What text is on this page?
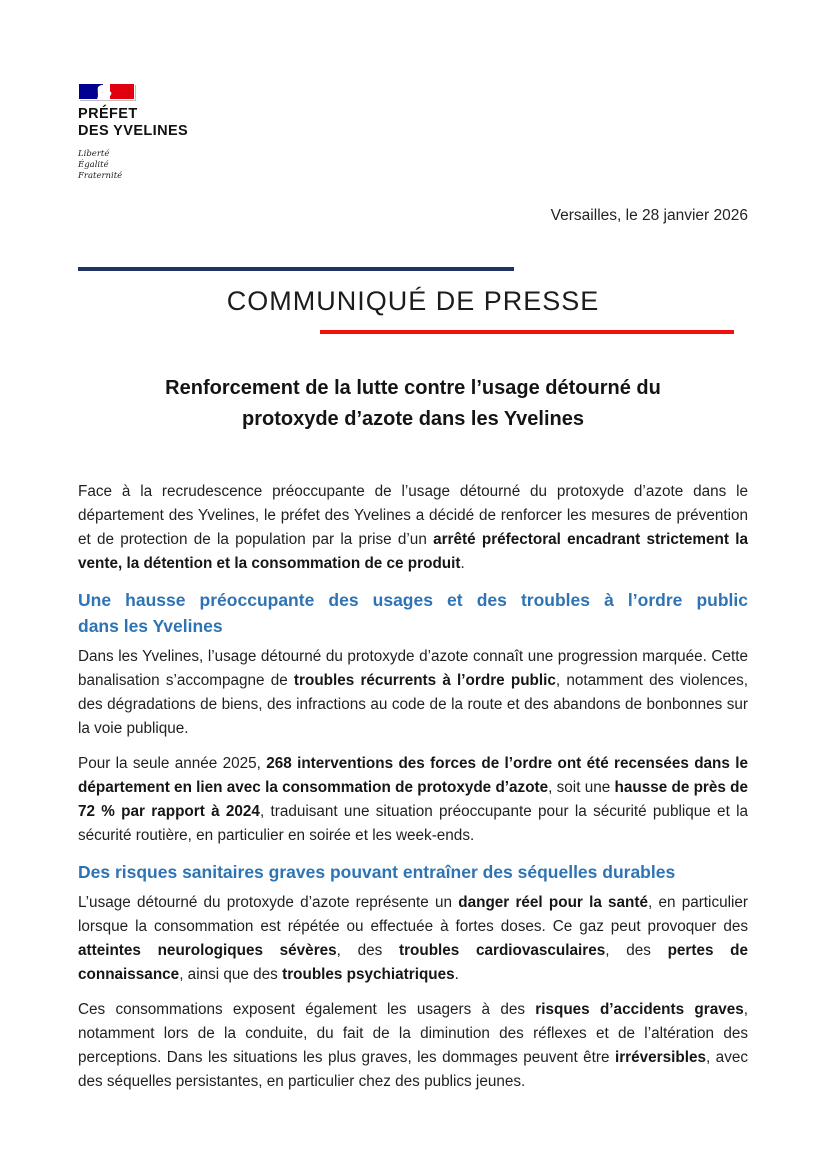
PRÉFET
DES YVELINES
Liberté
Égalité
Fraternité
Versailles, le 28 janvier 2026
COMMUNIQUÉ DE PRESSE
Renforcement de la lutte contre l’usage détourné du
protoxyde d’azote dans les Yvelines

Face à la recrudescence préoccupante de l’usage détourné du protoxyde d’azote dans le département des Yvelines, le préfet des Yvelines a décidé de renforcer les mesures de prévention et de protection de la population par la prise d’un arrêté préfectoral encadrant strictement la vente, la détention et la consommation de ce produit.

Une hausse préoccupante des usages et des troubles à l’ordre public
dans les Yvelines

Dans les Yvelines, l’usage détourné du protoxyde d’azote connaît une progression marquée. Cette banalisation s’accompagne de troubles récurrents à l’ordre public, notamment des violences, des dégradations de biens, des infractions au code de la route et des abandons de bonbonnes sur la voie publique.

Pour la seule année 2025, 268 interventions des forces de l’ordre ont été recensées dans le département en lien avec la consommation de protoxyde d’azote, soit une hausse de près de 72 % par rapport à 2024, traduisant une situation préoccupante pour la sécurité publique et la sécurité routière, en particulier en soirée et les week-ends.

Des risques sanitaires graves pouvant entraîner des séquelles durables

L’usage détourné du protoxyde d’azote représente un danger réel pour la santé, en particulier lorsque la consommation est répétée ou effectuée à fortes doses. Ce gaz peut provoquer des atteintes neurologiques sévères, des troubles cardiovasculaires, des pertes de connaissance, ainsi que des troubles psychiatriques.

Ces consommations exposent également les usagers à des risques d’accidents graves, notamment lors de la conduite, du fait de la diminution des réflexes et de l’altération des perceptions. Dans les situations les plus graves, les dommages peuvent être irréversibles, avec des séquelles persistantes, en particulier chez des publics jeunes.
